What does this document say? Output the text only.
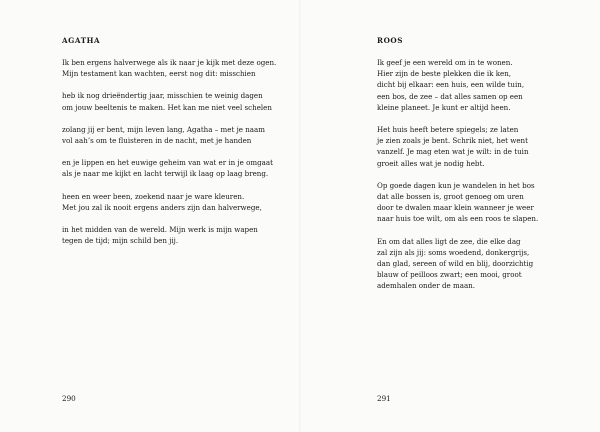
AGATHA
Ik ben ergens halverwege als ik naar je kijk met deze ogen.
Mijn testament kan wachten, eerst nog dit: misschien
heb ik nog drieëndertig jaar, misschien te weinig dagen
om jouw beeltenis te maken. Het kan me niet veel schelen
zolang jij er bent, mijn leven lang, Agatha – met je naam
vol aah’s om te fluisteren in de nacht, met je handen
en je lippen en het euwige geheim van wat er in je omgaat
als je naar me kijkt en lacht terwijl ik laag op laag breng.
heen en weer been, zoekend naar je ware kleuren.
Met jou zal ik nooit ergens anders zijn dan halverwege,
in het midden van de wereld. Mijn werk is mijn wapen
tegen de tijd; mijn schild ben jij.
290
ROOS
Ik geef je een wereld om in te wonen.
Hier zijn de beste plekken die ik ken,
dicht bij elkaar: een huis, een wilde tuin,
een bos, de zee – dat alles samen op een
kleine planeet. Je kunt er altijd heen.
Het huis heeft betere spiegels; ze laten
je zien zoals je bent. Schrik niet, het went
vanzelf. Je mag eten wat je wilt: in de tuin
groeit alles wat je nodig hebt.
Op goede dagen kun je wandelen in het bos
dat alle bossen is, groot genoeg om uren
door te dwalen maar klein wanneer je weer
naar huis toe wilt, om als een roos te slapen.
En om dat alles ligt de zee, die elke dag
zal zijn als jij: soms woedend, donkergrijs,
dan glad, sereen of wild en blij, doorzichtig
blauw of peilloos zwart; een mooi, groot
ademhalen onder de maan.
291
